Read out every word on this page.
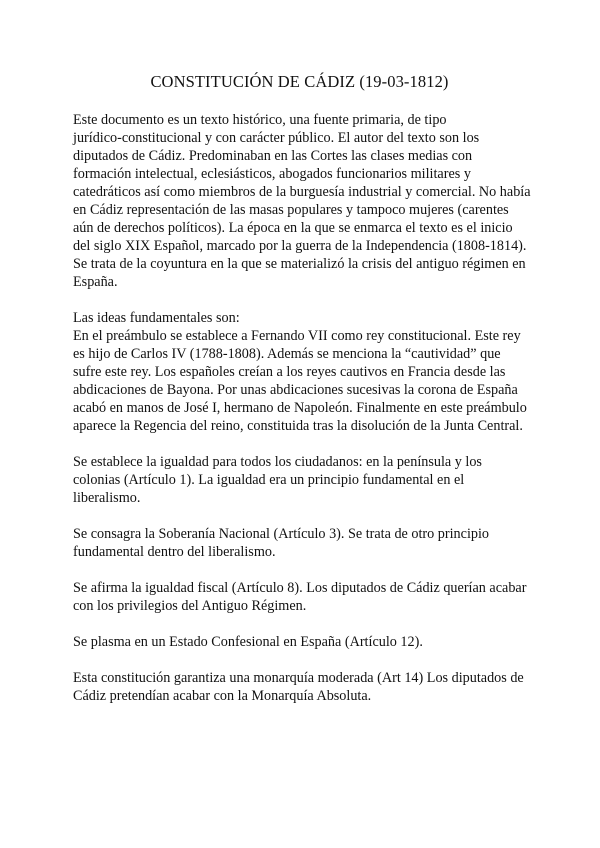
CONSTITUCIÓN DE CÁDIZ (19-03-1812)

Este documento es un texto histórico, una fuente primaria, de tipo
jurídico-constitucional y con carácter público. El autor del texto son los
diputados de Cádiz. Predominaban en las Cortes las clases medias con
formación intelectual, eclesiásticos, abogados funcionarios militares y
catedráticos así como miembros de la burguesía industrial y comercial. No había
en Cádiz representación de las masas populares y tampoco mujeres (carentes
aún de derechos políticos). La época en la que se enmarca el texto es el inicio
del siglo XIX Español, marcado por la guerra de la Independencia (1808-1814).
Se trata de la coyuntura en la que se materializó la crisis del antiguo régimen en
España.

Las ideas fundamentales son:
En el preámbulo se establece a Fernando VII como rey constitucional. Este rey
es hijo de Carlos IV (1788-1808). Además se menciona la “cautividad” que
sufre este rey. Los españoles creían a los reyes cautivos en Francia desde las
abdicaciones de Bayona. Por unas abdicaciones sucesivas la corona de España
acabó en manos de José I, hermano de Napoleón. Finalmente en este preámbulo
aparece la Regencia del reino, constituida tras la disolución de la Junta Central.

Se establece la igualdad para todos los ciudadanos: en la península y los
colonias (Artículo 1). La igualdad era un principio fundamental en el
liberalismo.

Se consagra la Soberanía Nacional (Artículo 3). Se trata de otro principio
fundamental dentro del liberalismo.

Se afirma la igualdad fiscal (Artículo 8). Los diputados de Cádiz querían acabar
con los privilegios del Antiguo Régimen.

Se plasma en un Estado Confesional en España (Artículo 12).

Esta constitución garantiza una monarquía moderada (Art 14) Los diputados de
Cádiz pretendían acabar con la Monarquía Absoluta.
